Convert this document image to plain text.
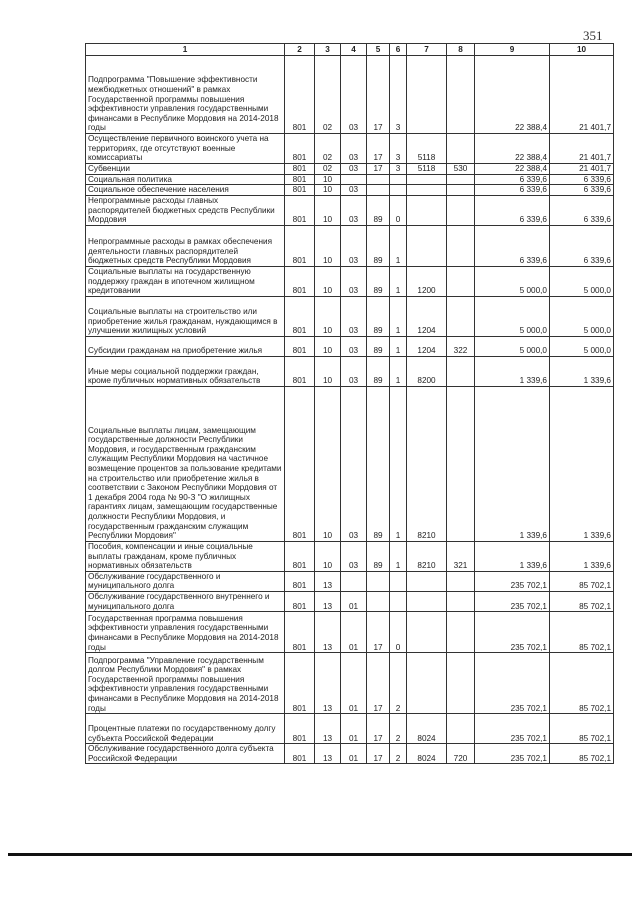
351
1	2	3	4	5	6	7	8	9	10
Подпрограмма "Повышение эффективности межбюджетных отношений" в рамках Государственной программы повышения эффективности управления государственными финансами в Республике Мордовия на 2014-2018 годы	801	02	03	17	3			22 388,4	21 401,7
Осуществление первичного воинского учета на территориях, где отсутствуют военные комиссариаты	801	02	03	17	3	5118		22 388,4	21 401,7
Субвенции	801	02	03	17	3	5118	530	22 388,4	21 401,7
Социальная политика	801	10						6 339,6	6 339,6
Социальное обеспечение населения	801	10	03					6 339,6	6 339,6
Непрограммные расходы главных распорядителей бюджетных средств Республики Мордовия	801	10	03	89	0			6 339,6	6 339,6
Непрограммные расходы в рамках обеспечения деятельности главных распорядителей бюджетных средств Республики Мордовия	801	10	03	89	1			6 339,6	6 339,6
Социальные выплаты на государственную поддержку граждан в ипотечном жилищном кредитовании	801	10	03	89	1	1200		5 000,0	5 000,0
Социальные выплаты на строительство или приобретение жилья гражданам, нуждающимся в улучшении жилищных условий	801	10	03	89	1	1204		5 000,0	5 000,0
Субсидии гражданам на приобретение жилья	801	10	03	89	1	1204	322	5 000,0	5 000,0
Иные меры социальной поддержки граждан, кроме публичных нормативных обязательств	801	10	03	89	1	8200		1 339,6	1 339,6
Социальные выплаты лицам, замещающим государственные должности Республики Мордовия, и государственным гражданским служащим Республики Мордовия на частичное возмещение процентов за пользование кредитами на строительство или приобретение жилья в соответствии с Законом Республики Мордовия от 1 декабря 2004 года № 90-З "О жилищных гарантиях лицам, замещающим государственные должности Республики Мордовия, и государственным гражданским служащим Республики Мордовия"	801	10	03	89	1	8210		1 339,6	1 339,6
Пособия, компенсации и иные социальные выплаты гражданам, кроме публичных нормативных обязательств	801	10	03	89	1	8210	321	1 339,6	1 339,6
Обслуживание государственного и муниципального долга	801	13						235 702,1	85 702,1
Обслуживание государственного внутреннего и муниципального долга	801	13	01					235 702,1	85 702,1
Государственная программа повышения эффективности управления государственными финансами в Республике Мордовия на 2014-2018 годы	801	13	01	17	0			235 702,1	85 702,1
Подпрограмма "Управление государственным долгом Республики Мордовия" в рамках Государственной программы повышения эффективности управления государственными финансами в Республике Мордовия на 2014-2018 годы	801	13	01	17	2			235 702,1	85 702,1
Процентные платежи по государственному долгу субъекта Российской Федерации	801	13	01	17	2	8024		235 702,1	85 702,1
Обслуживание государственного долга субъекта Российской Федерации	801	13	01	17	2	8024	720	235 702,1	85 702,1
